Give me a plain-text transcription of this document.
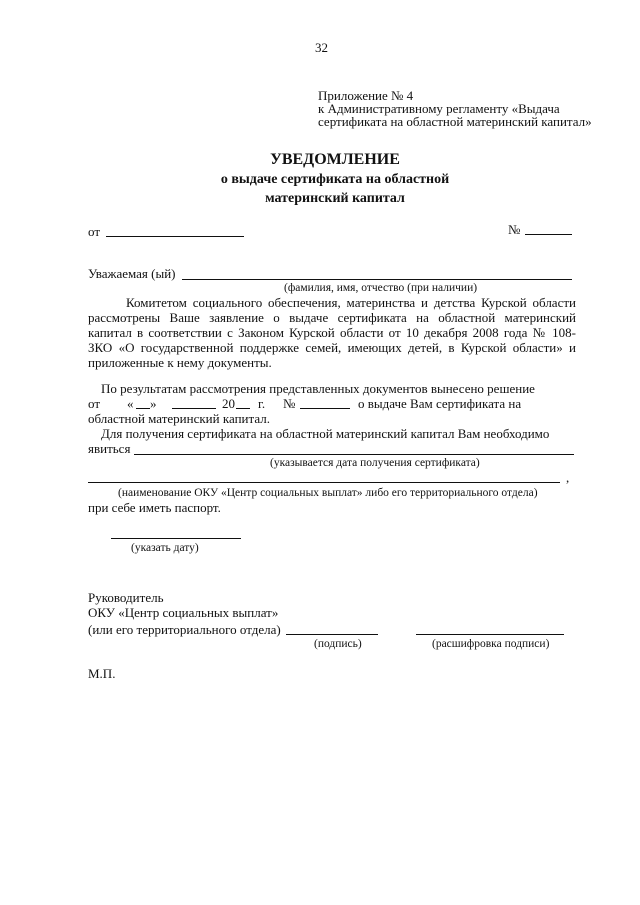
32
Приложение № 4
к Административному регламенту «Выдача
сертификата на областной материнский капитал»
УВЕДОМЛЕНИЕ
о выдаче сертификата на областной
материнский капитал
от	№
Уважаемая (ый)
(фамилия, имя, отчество (при наличии)
Комитетом социального обеспечения, материнства и детства Курской области
рассмотрены Ваше заявление о выдаче сертификата на областной материнский
капитал в соответствии с Законом Курской области от 10 декабря 2008 года № 108-
ЗКО «О государственной поддержке семей, имеющих детей, в Курской области» и
приложенные к нему документы.
По результатам рассмотрения представленных документов вынесено решение
от « »	20 г. №	о выдаче Вам сертификата на
областной материнский капитал.
Для получения сертификата на областной материнский капитал Вам необходимо
явиться
(указывается дата получения сертификата)
,
(наименование ОКУ «Центр социальных выплат» либо его территориального отдела)
при себе иметь паспорт.
(указать дату)
Руководитель
ОКУ «Центр социальных выплат»
(или его территориального отдела)
(подпись)	(расшифровка подписи)
М.П.
